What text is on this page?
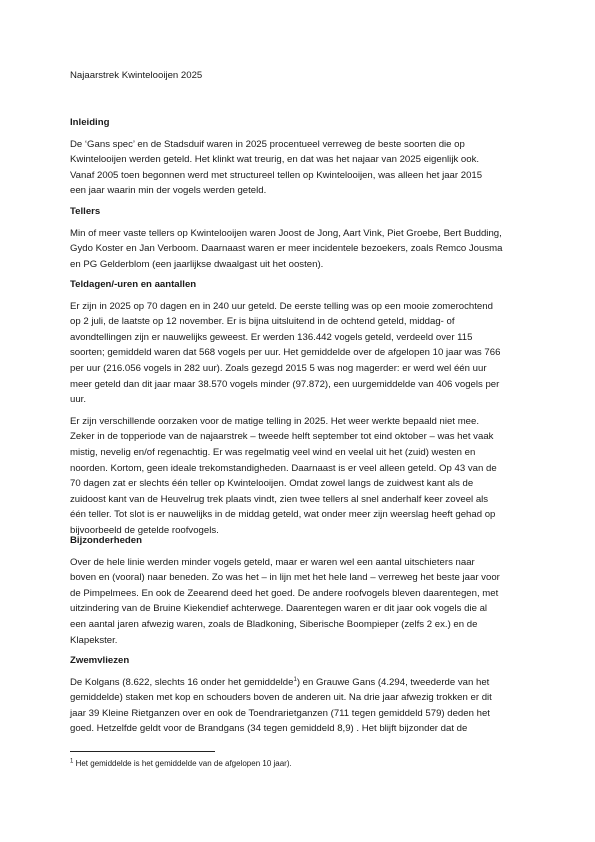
Najaarstrek Kwintelooijen 2025

Inleiding

De ‘Gans spec’ en de Stadsduif waren in 2025 procentueel verreweg de beste soorten die op
Kwintelooijen werden geteld. Het klinkt wat treurig, en dat was het najaar van 2025 eigenlijk ook.
Vanaf 2005 toen begonnen werd met structureel tellen op Kwintelooijen, was alleen het jaar 2015
een jaar waarin min der vogels werden geteld.

Tellers

Min of meer vaste tellers op Kwintelooijen waren Joost de Jong, Aart Vink, Piet Groebe, Bert Budding,
Gydo Koster en Jan Verboom. Daarnaast waren er meer incidentele bezoekers, zoals Remco Jousma
en PG Gelderblom (een jaarlijkse dwaalgast uit het oosten).

Teldagen/-uren en aantallen

Er zijn in 2025 op 70 dagen en in 240 uur geteld. De eerste telling was op een mooie zomerochtend
op 2 juli, de laatste op 12 november. Er is bijna uitsluitend in de ochtend geteld, middag- of
avondtellingen zijn er nauwelijks geweest. Er werden 136.442 vogels geteld, verdeeld over 115
soorten; gemiddeld waren dat 568 vogels per uur. Het gemiddelde over de afgelopen 10 jaar was 766
per uur (216.056 vogels in 282 uur). Zoals gezegd 2015 5 was nog magerder: er werd wel één uur
meer geteld dan dit jaar maar 38.570 vogels minder (97.872), een uurgemiddelde van 406 vogels per
uur.
Er zijn verschillende oorzaken voor de matige telling in 2025. Het weer werkte bepaald niet mee.
Zeker in de topperiode van de najaarstrek – tweede helft september tot eind oktober – was het vaak
mistig, nevelig en/of regenachtig. Er was regelmatig veel wind en veelal uit het (zuid) westen en
noorden. Kortom, geen ideale trekomstandigheden. Daarnaast is er veel alleen geteld. Op 43 van de
70 dagen zat er slechts één teller op Kwintelooijen. Omdat zowel langs de zuidwest kant als de
zuidoost kant van de Heuvelrug trek plaats vindt, zien twee tellers al snel anderhalf keer zoveel als
één teller. Tot slot is er nauwelijks in de middag geteld, wat onder meer zijn weerslag heeft gehad op
bijvoorbeeld de getelde roofvogels.

Bijzonderheden

Over de hele linie werden minder vogels geteld, maar er waren wel een aantal uitschieters naar
boven en (vooral) naar beneden. Zo was het – in lijn met het hele land – verreweg het beste jaar voor
de Pimpelmees. En ook de Zeearend deed het goed. De andere roofvogels bleven daarentegen, met
uitzindering van de Bruine Kiekendief achterwege. Daarentegen waren er dit jaar ook vogels die al
een aantal jaren afwezig waren, zoals de Bladkoning, Siberische Boompieper (zelfs 2 ex.) en de
Klapekster.

Zwemvliezen

De Kolgans (8.622, slechts 16 onder het gemiddelde$^1$) en Grauwe Gans (4.294, tweederde van het
gemiddelde) staken met kop en schouders boven de anderen uit. Na drie jaar afwezig trokken er dit
jaar 39 Kleine Rietganzen over en ook de Toendrarietganzen (711 tegen gemiddeld 579) deden het
goed. Hetzelfde geldt voor de Brandgans (34 tegen gemiddeld 8,9) . Het blijft bijzonder dat de
$^1$ Het gemiddelde is het gemiddelde van de afgelopen 10 jaar).
